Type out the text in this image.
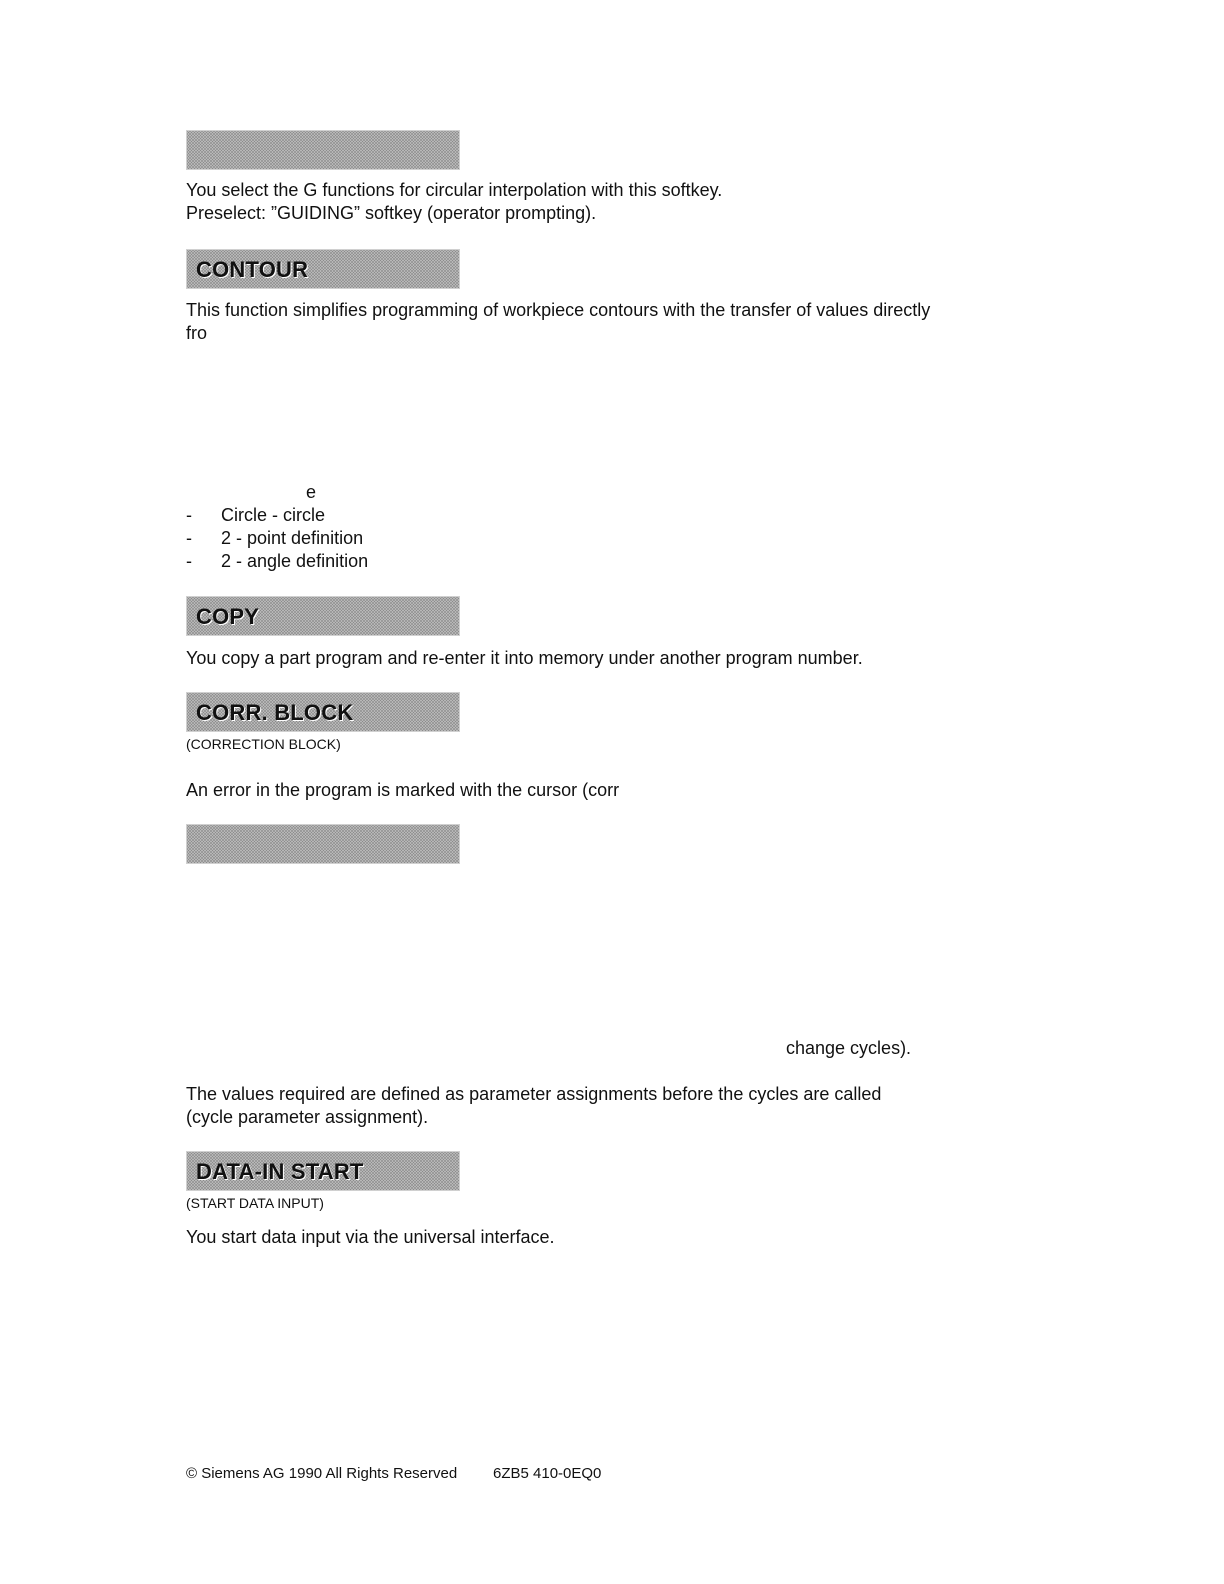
You select the G functions for circular interpolation with this softkey.
Preselect: ”GUIDING” softkey (operator prompting).
CONTOUR
This function simplifies programming of workpiece contours with the transfer of values directly
fro
e
- Circle - circle
- 2 - point definition
- 2 - angle definition
COPY
You copy a part program and re-enter it into memory under another program number.
CORR. BLOCK
(CORRECTION BLOCK)
An error in the program is marked with the cursor (corr
change cycles).
The values required are defined as parameter assignments before the cycles are called
(cycle parameter assignment).
DATA-IN START
(START DATA INPUT)
You start data input via the universal interface.
© Siemens AG 1990 All Rights Reserved 6ZB5 410-0EQ0
